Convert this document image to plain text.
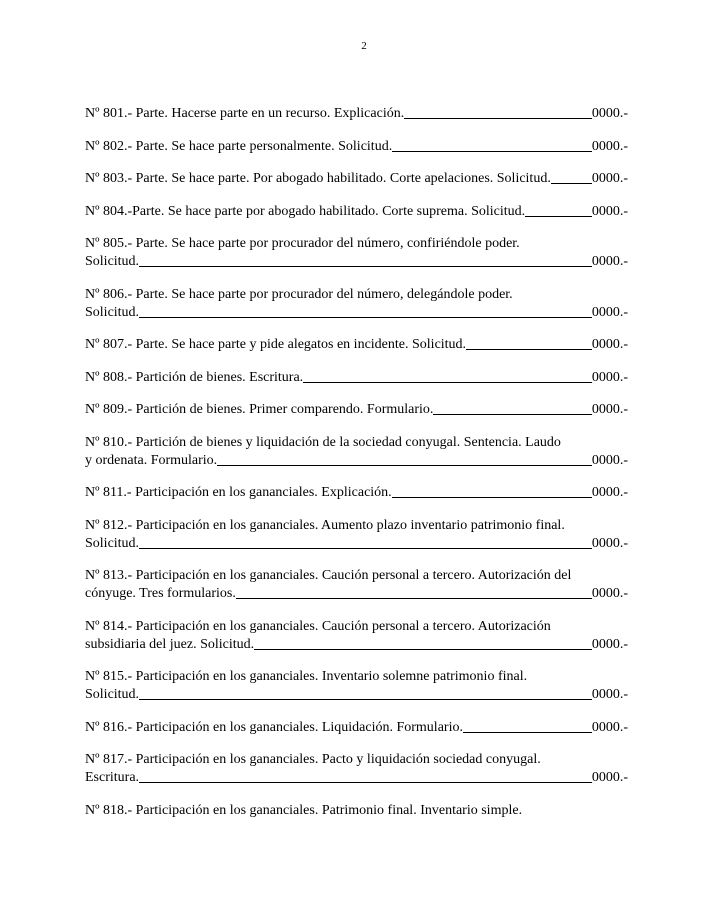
2
Nº 801.- Parte. Hacerse parte en un recurso. Explicación.	0000.-
Nº 802.- Parte. Se hace parte personalmente. Solicitud.	0000.-
Nº 803.- Parte. Se hace parte. Por abogado habilitado. Corte apelaciones. Solicitud.	0000.-
Nº 804.-Parte. Se hace parte por abogado habilitado. Corte suprema. Solicitud.	0000.-
Nº 805.- Parte. Se hace parte por procurador del número, confiriéndole poder.
Solicitud.	0000.-
Nº 806.- Parte. Se hace parte por procurador del número, delegándole poder.
Solicitud.	0000.-
Nº 807.- Parte. Se hace parte y pide alegatos en incidente. Solicitud.	0000.-
Nº 808.- Partición de bienes. Escritura.	0000.-
Nº 809.- Partición de bienes. Primer comparendo. Formulario.	0000.-
Nº 810.- Partición de bienes y liquidación de la sociedad conyugal. Sentencia. Laudo
y ordenata. Formulario.	0000.-
Nº 811.- Participación en los gananciales. Explicación.	0000.-
Nº 812.- Participación en los gananciales. Aumento plazo inventario patrimonio final.
Solicitud.	0000.-
Nº 813.- Participación en los gananciales. Caución personal a tercero. Autorización del
cónyuge. Tres formularios.	0000.-
Nº 814.- Participación en los gananciales. Caución personal a tercero. Autorización
subsidiaria del juez. Solicitud.	0000.-
Nº 815.- Participación en los gananciales. Inventario solemne patrimonio final.
Solicitud.	0000.-
Nº 816.- Participación en los gananciales. Liquidación. Formulario.	0000.-
Nº 817.- Participación en los gananciales. Pacto y liquidación sociedad conyugal.
Escritura.	0000.-
Nº 818.- Participación en los gananciales. Patrimonio final. Inventario simple.
